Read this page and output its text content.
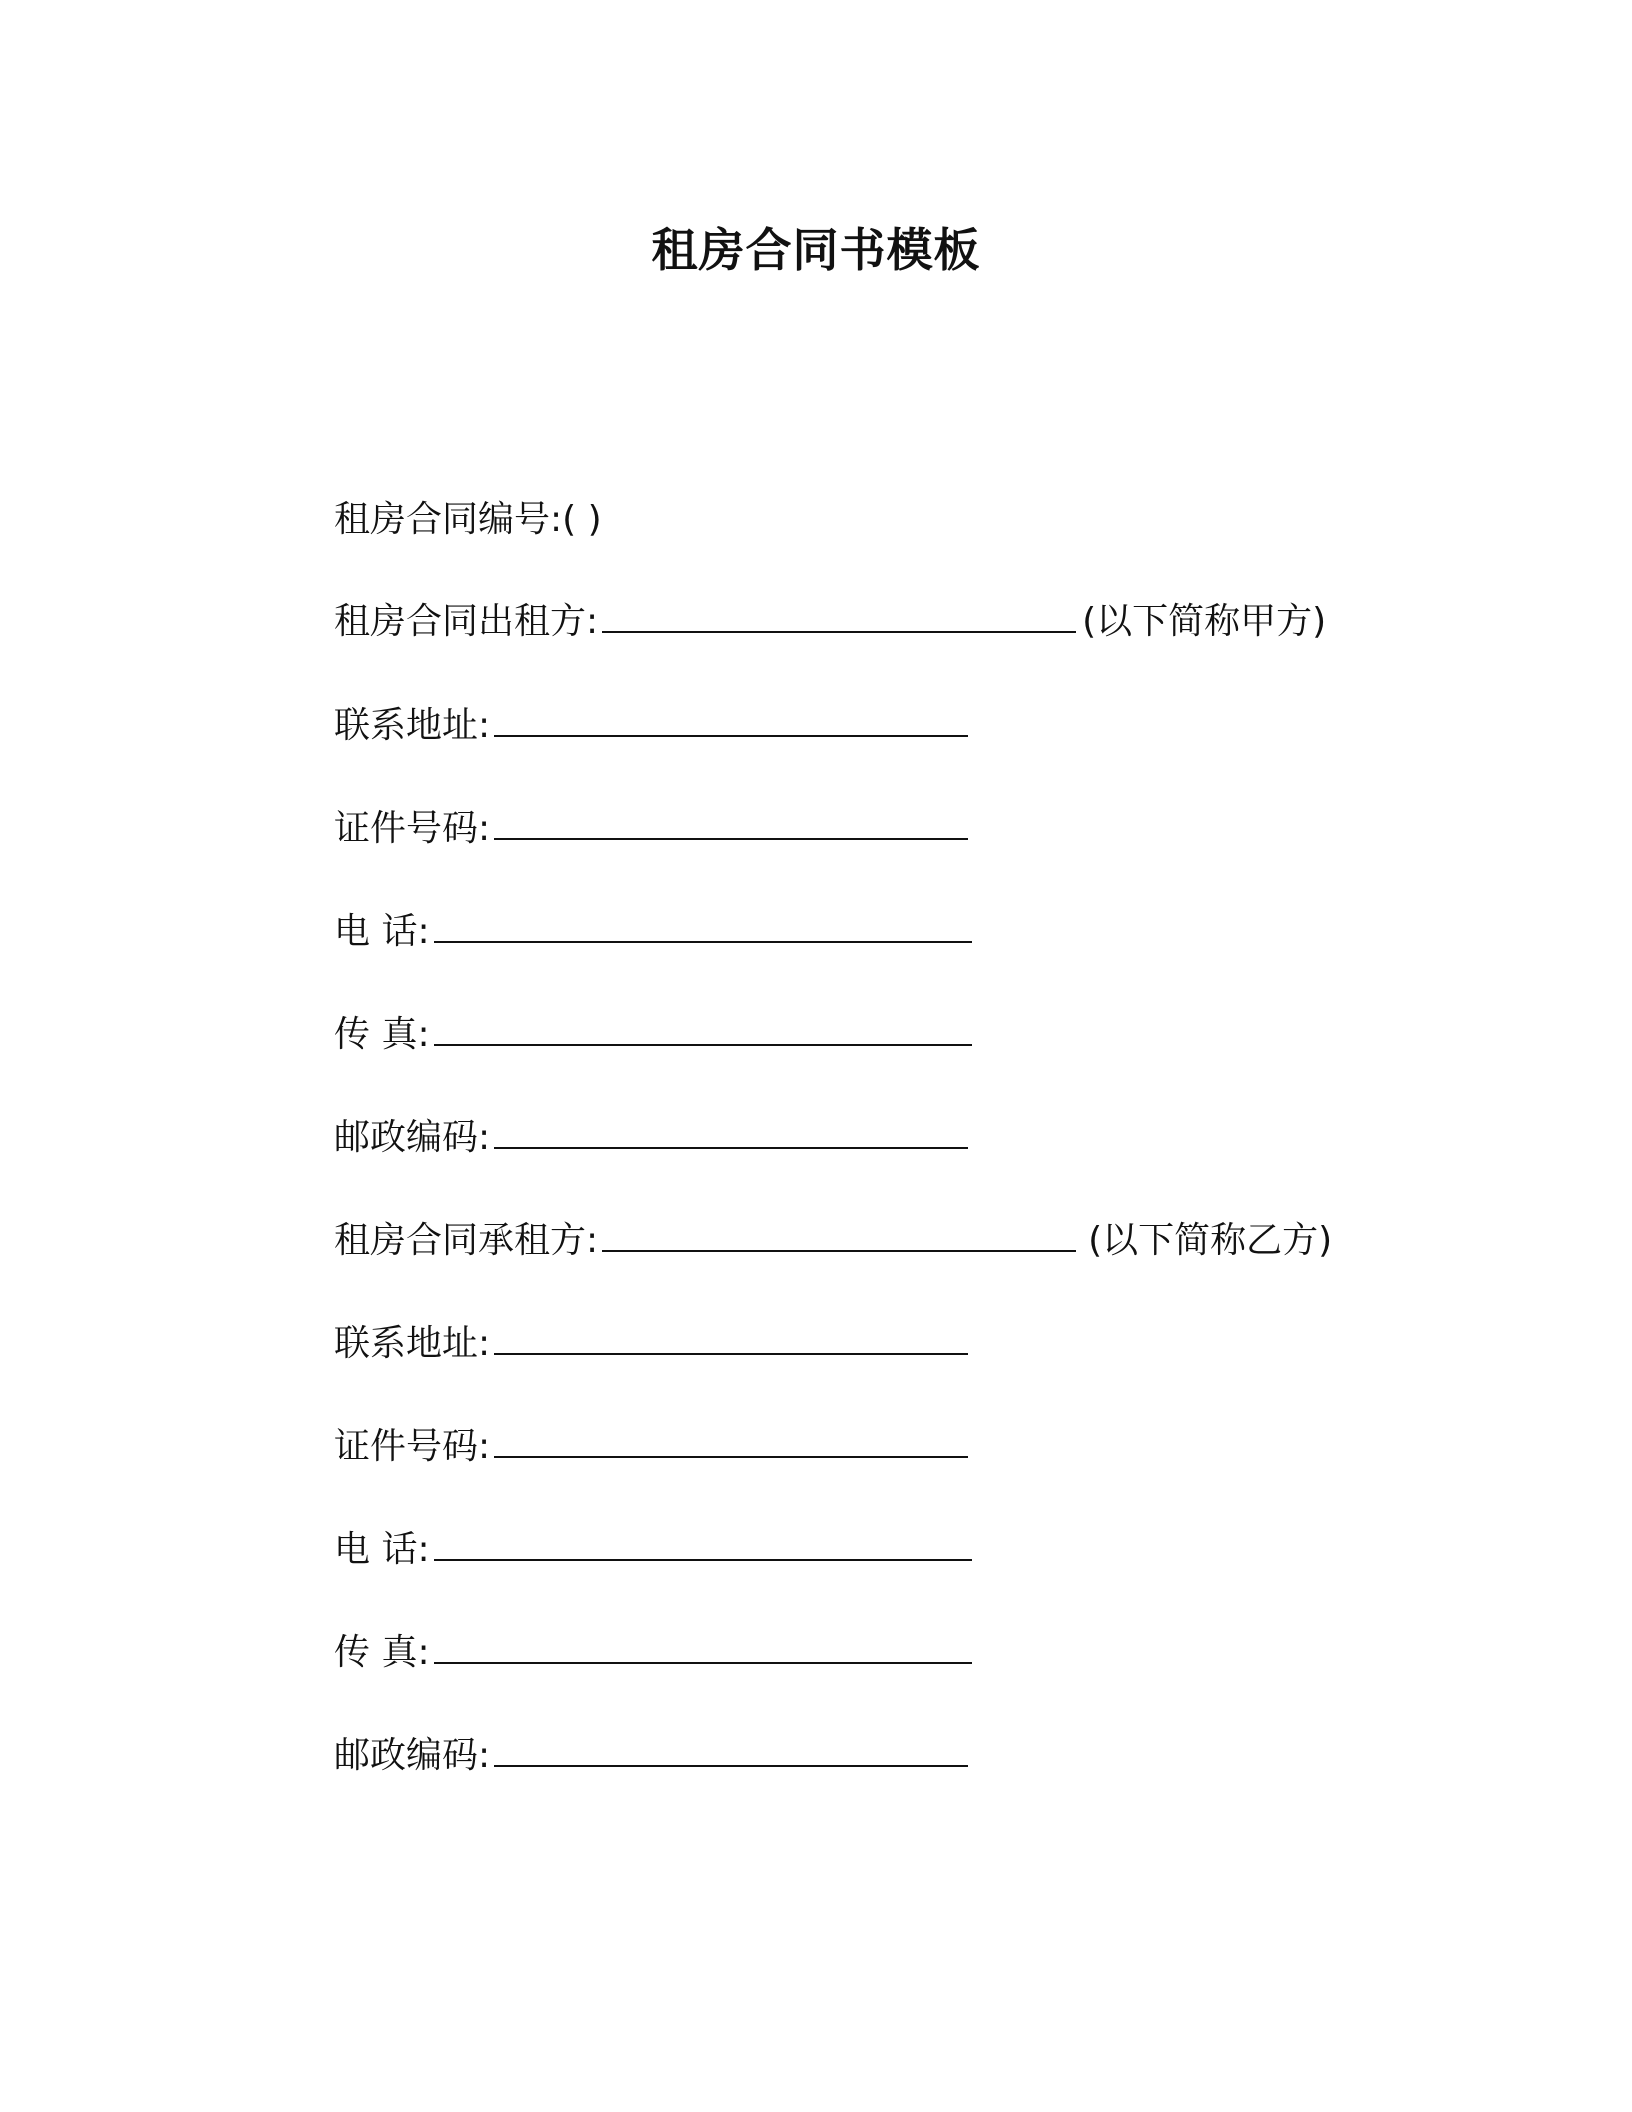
租房合同书模板
租房合同编号:( )
租房合同出租方:	(以下简称甲方)
联系地址:
证件号码:
电 话:
传 真:
邮政编码:
租房合同承租方:	(以下简称乙方)
联系地址:
证件号码:
电 话:
传 真:
邮政编码:
